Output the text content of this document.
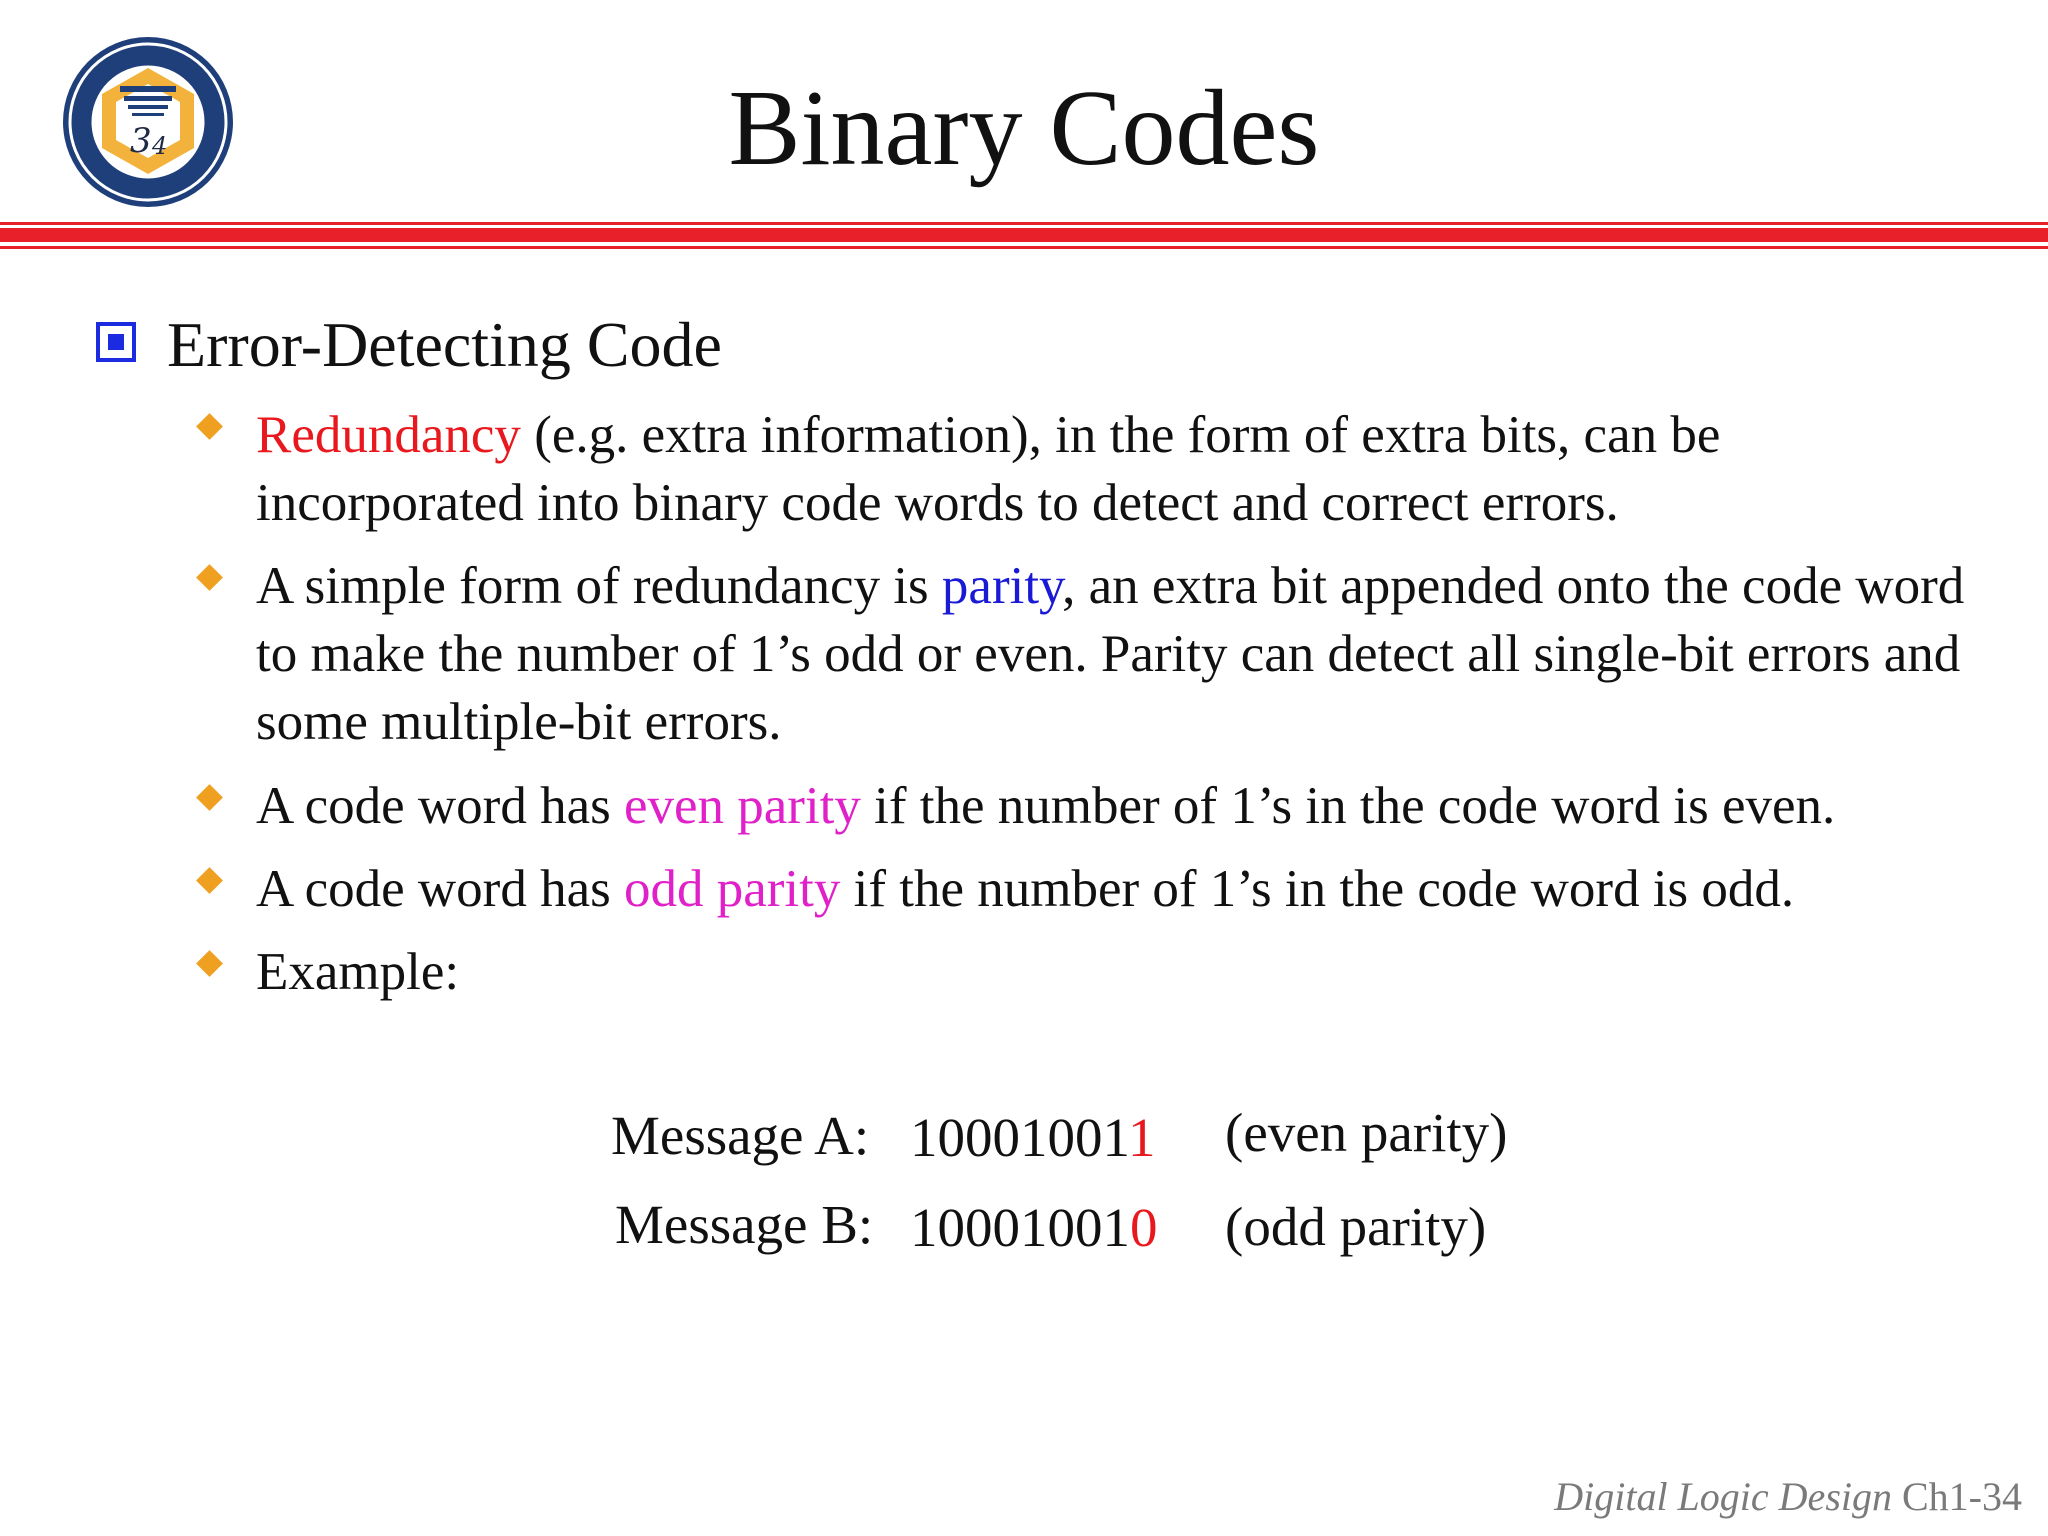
3 4	Binary Codes
Error-Detecting Code
Redundancy (e.g. extra information), in the form of extra bits, can be incorporated into binary code words to detect and correct errors.
A simple form of redundancy is parity, an extra bit appended onto the code word to make the number of 1’s odd or even. Parity can detect all single-bit errors and some multiple-bit errors.
A code word has even parity if the number of 1’s in the code word is even.
A code word has odd parity if the number of 1’s in the code word is odd.
Example:
Message A: 100010011 (even parity)
Message B: 100010010 (odd parity)
Digital Logic Design Ch1-34
